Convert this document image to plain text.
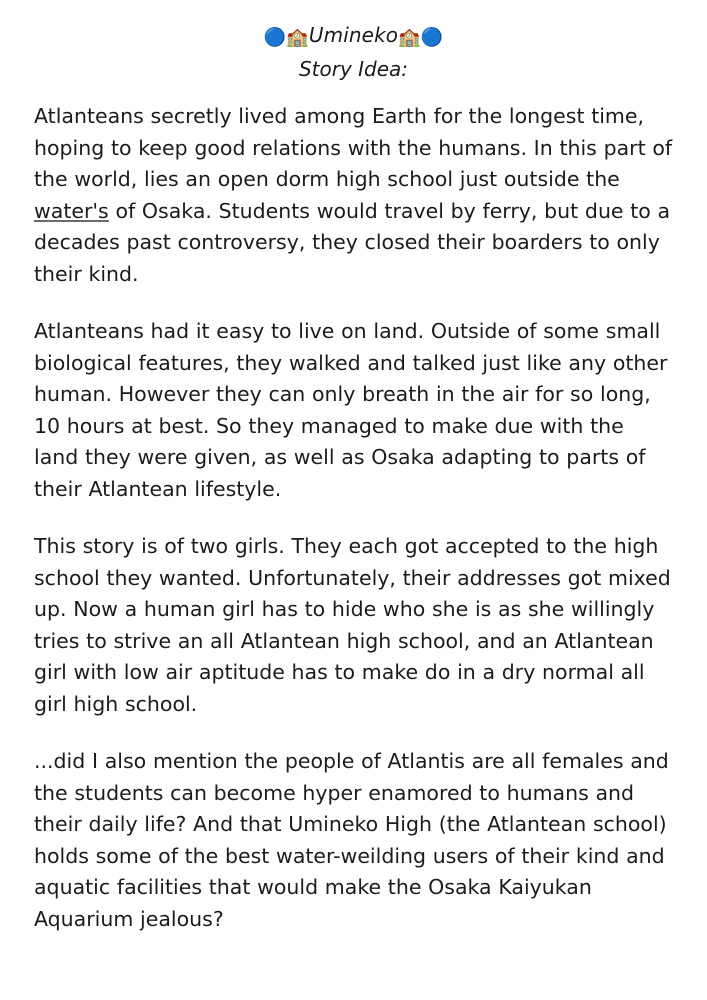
🔵🏫Umineko🏫🔵
Story Idea:

Atlanteans secretly lived among Earth for the longest time, hoping to keep good relations with the humans. In this part of the world, lies an open dorm high school just outside the water's of Osaka. Students would travel by ferry, but due to a decades past controversy, they closed their boarders to only their kind.

Atlanteans had it easy to live on land. Outside of some small biological features, they walked and talked just like any other human. However they can only breath in the air for so long, 10 hours at best. So they managed to make due with the land they were given, as well as Osaka adapting to parts of their Atlantean lifestyle.

This story is of two girls. They each got accepted to the high school they wanted. Unfortunately, their addresses got mixed up. Now a human girl has to hide who she is as she willingly tries to strive an all Atlantean high school, and an Atlantean girl with low air aptitude has to make do in a dry normal all girl high school.

...did I also mention the people of Atlantis are all females and the students can become hyper enamored to humans and their daily life? And that Umineko High (the Atlantean school) holds some of the best water-weilding users of their kind and aquatic facilities that would make the Osaka Kaiyukan Aquarium jealous?
